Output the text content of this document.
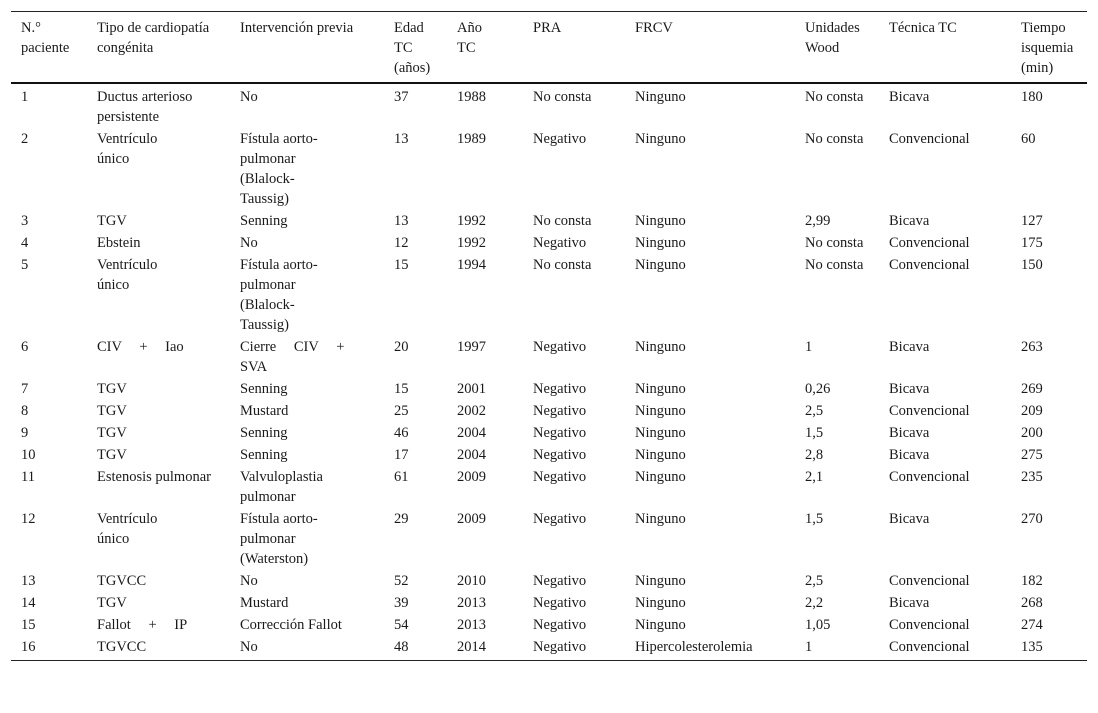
N.° paciente	Tipo de cardiopatía congénita	Intervención previa	Edad TC (años)	Año TC	PRA	FRCV	Unidades Wood	Técnica TC	Tiempo isquemia (min)

1	Ductus arterioso persistente	No	37	1988	No consta	Ninguno	No consta	Bicava	180

2	Ventrículo único	Fístula aorto-pulmonar (Blalock-Taussig)	13	1989	Negativo	Ninguno	No consta	Convencional	60

3	TGV	Senning	13	1992	No consta	Ninguno	2,99	Bicava	127

4	Ebstein	No	12	1992	Negativo	Ninguno	No consta	Convencional	175

5	Ventrículo único	Fístula aorto-pulmonar (Blalock-Taussig)	15	1994	No consta	Ninguno	No consta	Convencional	150

6	CIV + Iao	Cierre CIV + SVA	20	1997	Negativo	Ninguno	1	Bicava	263

7	TGV	Senning	15	2001	Negativo	Ninguno	0,26	Bicava	269

8	TGV	Mustard	25	2002	Negativo	Ninguno	2,5	Convencional	209

9	TGV	Senning	46	2004	Negativo	Ninguno	1,5	Bicava	200

10	TGV	Senning	17	2004	Negativo	Ninguno	2,8	Bicava	275

11	Estenosis pulmonar	Valvuloplastia pulmonar	61	2009	Negativo	Ninguno	2,1	Convencional	235

12	Ventrículo único	Fístula aorto-pulmonar (Waterston)	29	2009	Negativo	Ninguno	1,5	Bicava	270

13	TGVCC	No	52	2010	Negativo	Ninguno	2,5	Convencional	182

14	TGV	Mustard	39	2013	Negativo	Ninguno	2,2	Bicava	268

15	Fallot + IP	Corrección Fallot	54	2013	Negativo	Ninguno	1,05	Convencional	274

16	TGVCC	No	48	2014	Negativo	Hipercolesterolemia	1	Convencional	135
